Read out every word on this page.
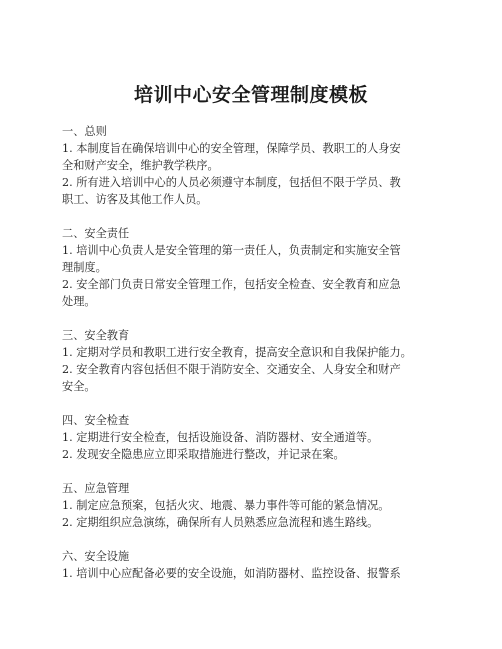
培训中心安全管理制度模板

一、总则

1. 本制度旨在确保培训中心的安全管理，保障学员、教职工的人身安

全和财产安全，维护教学秩序。

2. 所有进入培训中心的人员必须遵守本制度，包括但不限于学员、教

职工、访客及其他工作人员。

二、安全责任

1. 培训中心负责人是安全管理的第一责任人，负责制定和实施安全管

理制度。

2. 安全部门负责日常安全管理工作，包括安全检查、安全教育和应急

处理。

三、安全教育

1. 定期对学员和教职工进行安全教育，提高安全意识和自我保护能力。

2. 安全教育内容包括但不限于消防安全、交通安全、人身安全和财产

安全。

四、安全检查

1. 定期进行安全检查，包括设施设备、消防器材、安全通道等。

2. 发现安全隐患应立即采取措施进行整改，并记录在案。

五、应急管理

1. 制定应急预案，包括火灾、地震、暴力事件等可能的紧急情况。

2. 定期组织应急演练，确保所有人员熟悉应急流程和逃生路线。

六、安全设施

1. 培训中心应配备必要的安全设施，如消防器材、监控设备、报警系
